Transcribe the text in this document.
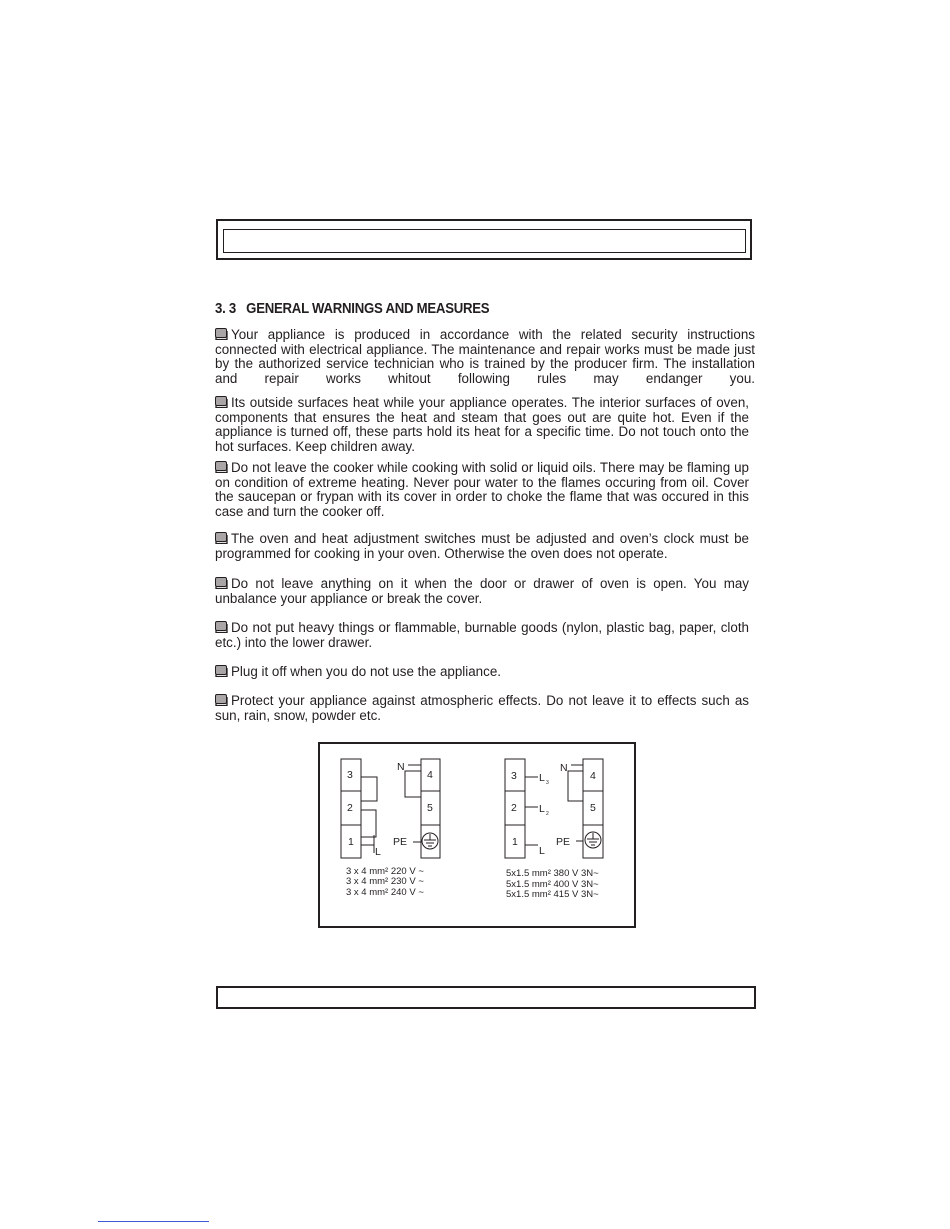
3. 3 GENERAL WARNINGS AND MEASURES

Your appliance is produced in accordance with the related security instructions connected with electrical appliance. The maintenance and repair works must be made just by the authorized service technician who is trained by the producer firm. The installation and repair works whitout following rules may endanger you.

Its outside surfaces heat while your appliance operates. The interior surfaces of oven, components that ensures the heat and steam that goes out are quite hot. Even if the appliance is turned off, these parts hold its heat for a specific time. Do not touch onto the hot surfaces. Keep children away.

Do not leave the cooker while cooking with solid or liquid oils. There may be flaming up on condition of extreme heating. Never pour water to the flames occuring from oil. Cover the saucepan or frypan with its cover in order to choke the flame that was occured in this case and turn the cooker off.

The oven and heat adjustment switches must be adjusted and oven’s clock must be programmed for cooking in your oven. Otherwise the oven does not operate.

Do not leave anything on it when the door or drawer of oven is open. You may unbalance your appliance or break the cover.

Do not put heavy things or flammable, burnable goods (nylon, plastic bag, paper, cloth etc.) into the lower drawer.

Plug it off when you do not use the appliance.

Protect your appliance against atmospheric effects. Do not leave it to effects such as sun, rain, snow, powder etc.

3
2
1
4
5
N
PE
L
3
2
1
4
5
N
L 3
L 2
PE
L
3 x 4 mm² 220 V ~
3 x 4 mm² 230 V ~
3 x 4 mm² 240 V ~
5x1.5 mm² 380 V 3N~
5x1.5 mm² 400 V 3N~
5x1.5 mm² 415 V 3N~
